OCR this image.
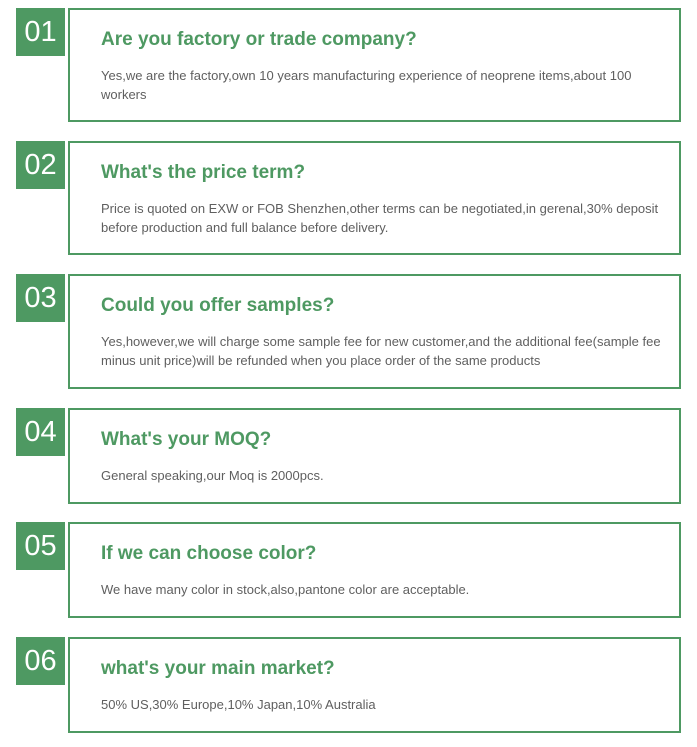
01	Are you factory or trade company?

Yes,we are the factory,own 10 years manufacturing experience of neoprene items,about 100 workers

02	What's the price term?

Price is quoted on EXW or FOB Shenzhen,other terms can be negotiated,in gerenal,30% deposit before production and full balance before delivery.

03	Could you offer samples?

Yes,however,we will charge some sample fee for new customer,and the additional fee(sample fee minus unit price)will be refunded when you place order of the same products

04	What's your MOQ?

General speaking,our Moq is 2000pcs.

05	If we can choose color?

We have many color in stock,also,pantone color are acceptable.

06	what's your main market?

50% US,30% Europe,10% Japan,10% Australia
